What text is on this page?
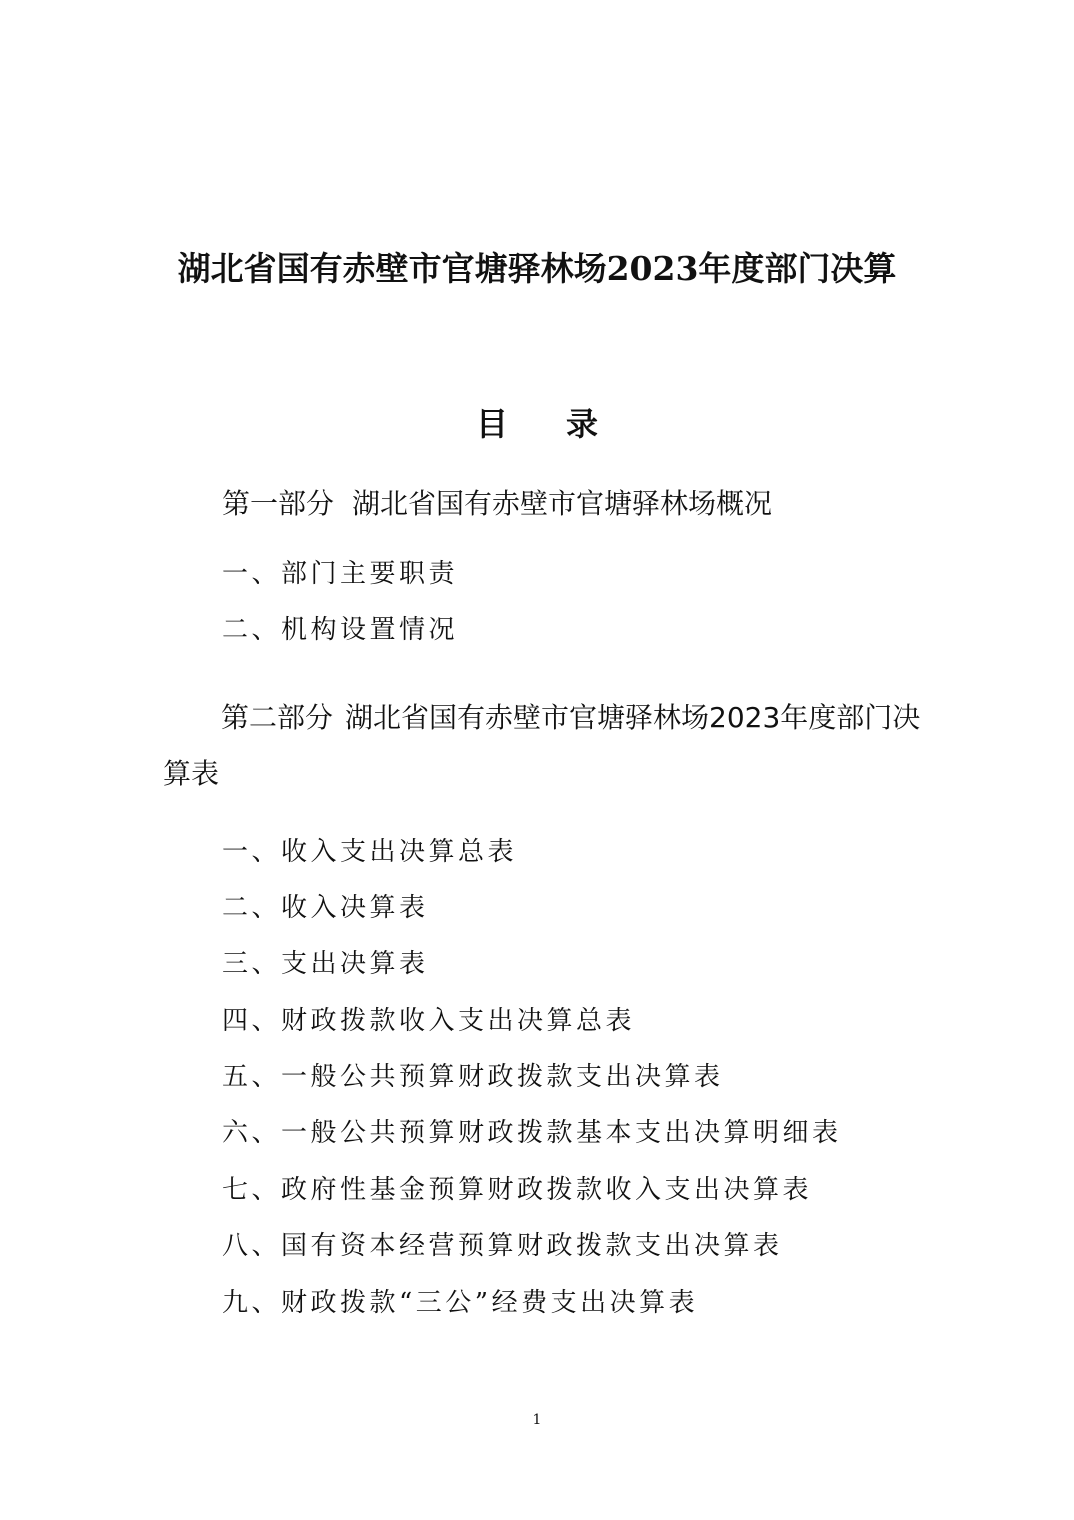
湖北省国有赤壁市官塘驿林场2023年度部门决算
目 录
第一部分 湖北省国有赤壁市官塘驿林场概况
一、部门主要职责
二、机构设置情况
第二部分 湖北省国有赤壁市官塘驿林场2023年度部门决算表
一、收入支出决算总表
二、收入决算表
三、支出决算表
四、财政拨款收入支出决算总表
五、一般公共预算财政拨款支出决算表
六、一般公共预算财政拨款基本支出决算明细表
七、政府性基金预算财政拨款收入支出决算表
八、国有资本经营预算财政拨款支出决算表
九、财政拨款“三公”经费支出决算表
1
